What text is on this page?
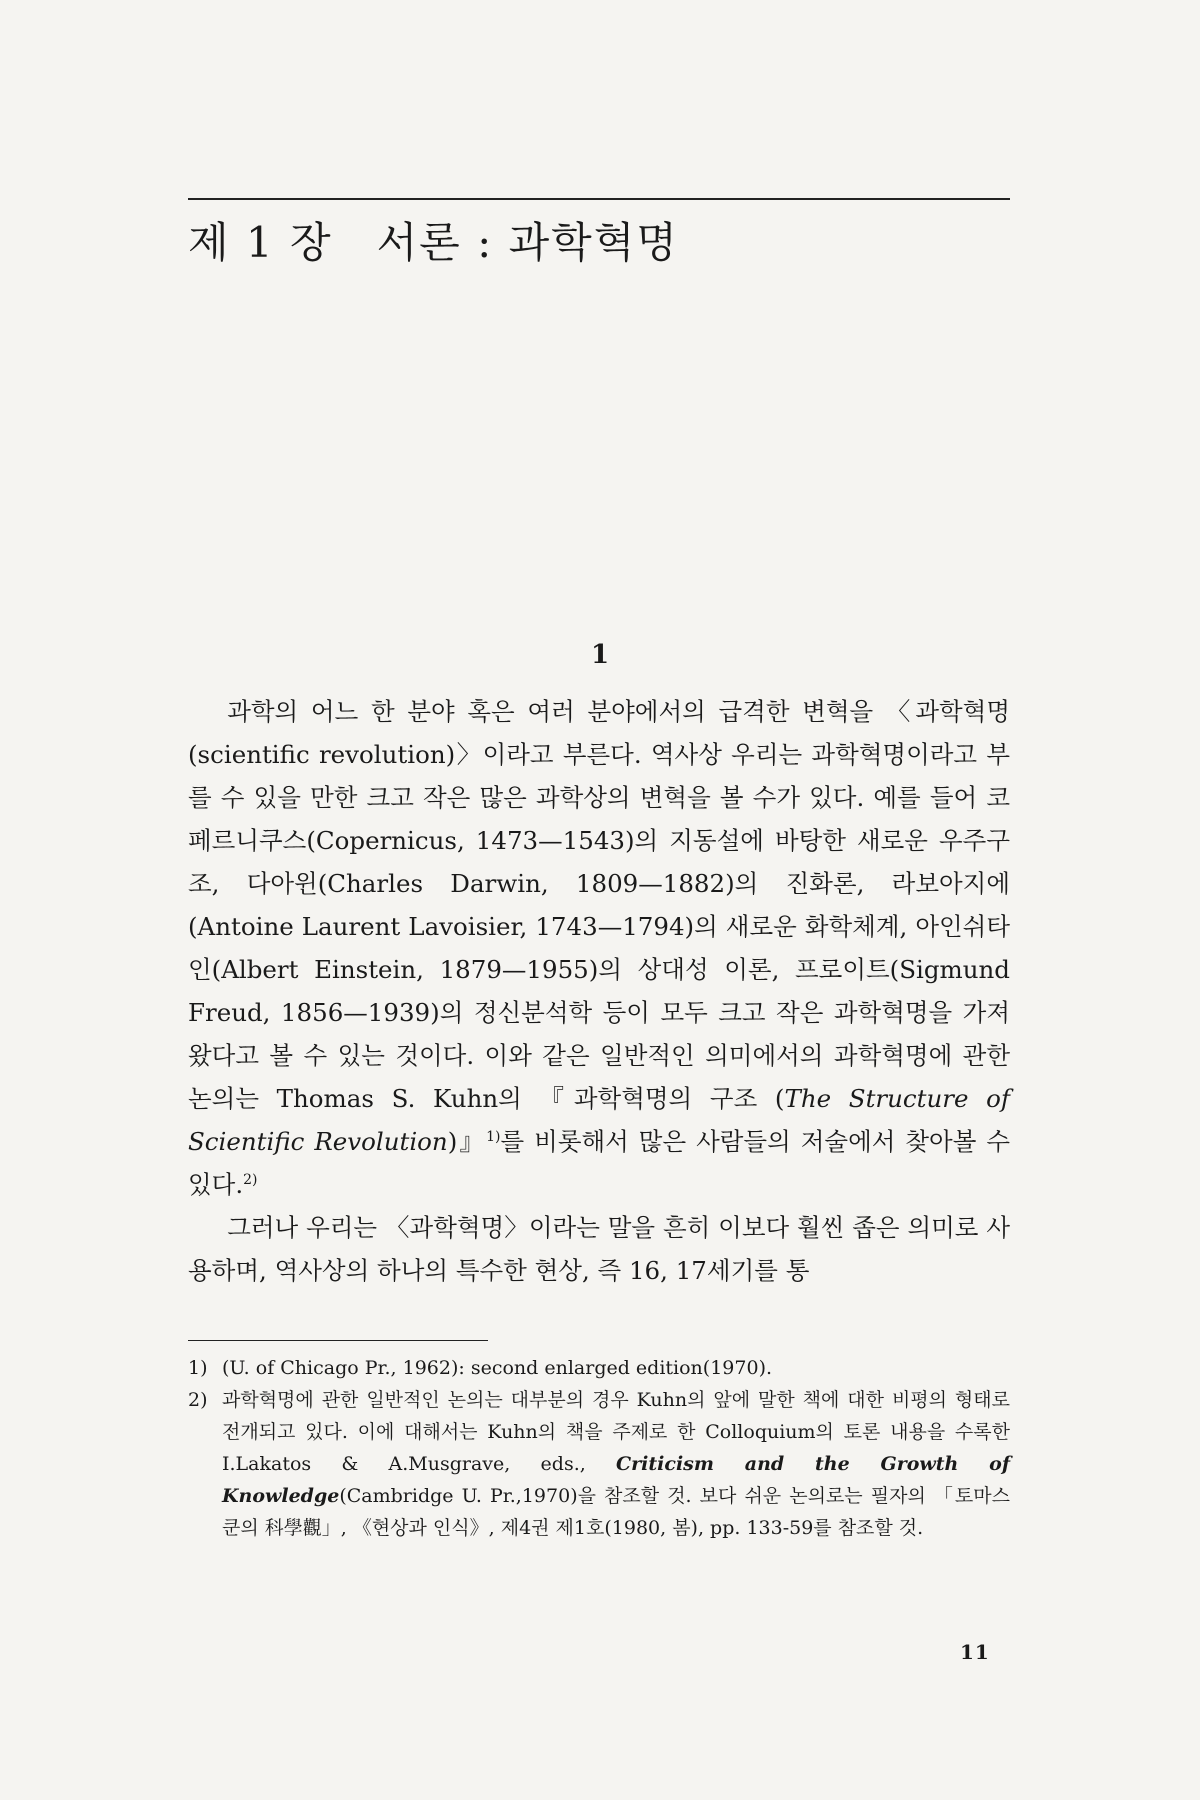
제 1 장 서론 : 과학혁명
1

과학의 어느 한 분야 혹은 여러 분야에서의 급격한 변혁을 〈과학혁명(scientific revolution)〉이라고 부른다. 역사상 우리는 과학혁명이라고 부를 수 있을 만한 크고 작은 많은 과학상의 변혁을 볼 수가 있다. 예를 들어 코페르니쿠스(Copernicus, 1473—1543)의 지동설에 바탕한 새로운 우주구조, 다아윈(Charles Darwin, 1809—1882)의 진화론, 라보아지에(Antoine Laurent Lavoisier, 1743—1794)의 새로운 화학체계, 아인쉬타인(Albert Einstein, 1879—1955)의 상대성 이론, 프로이트(Sigmund Freud, 1856—1939)의 정신분석학 등이 모두 크고 작은 과학혁명을 가져왔다고 볼 수 있는 것이다. 이와 같은 일반적인 의미에서의 과학혁명에 관한 논의는 Thomas S. Kuhn의 『과학혁명의 구조 (The Structure of Scientific Revolution)』$^{1)}$를 비롯해서 많은 사람들의 저술에서 찾아볼 수 있다.$^{2)}$

그러나 우리는 〈과학혁명〉이라는 말을 흔히 이보다 훨씬 좁은 의미로 사용하며, 역사상의 하나의 특수한 현상, 즉 16, 17세기를 통

1) (U. of Chicago Pr., 1962): second enlarged edition(1970).
2) 과학혁명에 관한 일반적인 논의는 대부분의 경우 Kuhn의 앞에 말한 책에 대한 비평의 형태로 전개되고 있다. 이에 대해서는 Kuhn의 책을 주제로 한 Colloquium의 토론 내용을 수록한 I.Lakatos & A.Musgrave, eds., Criticism and the Growth of Knowledge(Cambridge U. Pr.,1970)을 참조할 것. 보다 쉬운 논의로는 필자의 「토마스 쿤의 科學觀」, 《현상과 인식》, 제4권 제1호(1980, 봄), pp. 133-59를 참조할 것.
11
